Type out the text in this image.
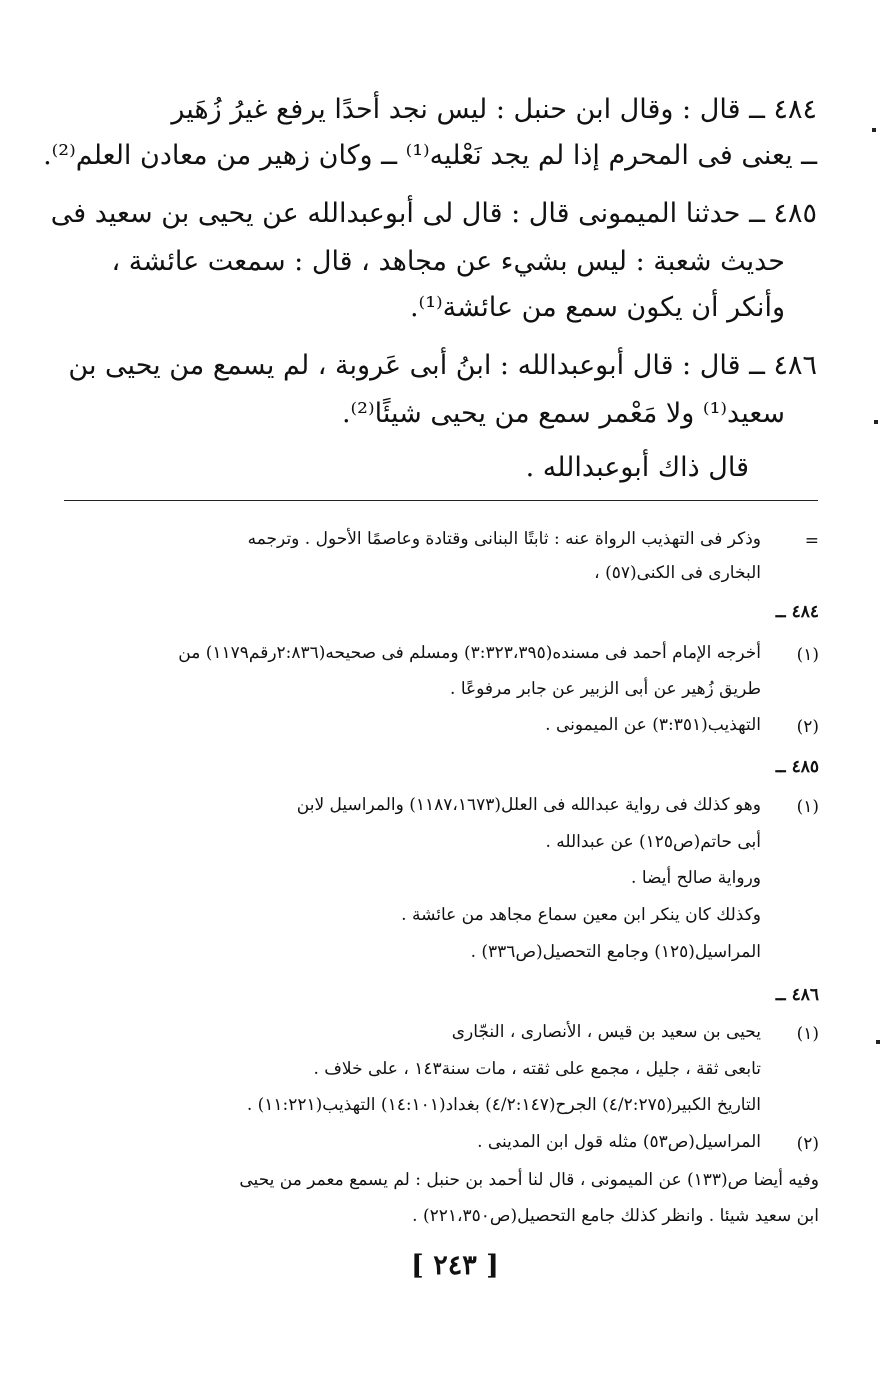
٤٨٤ ــ قال : وقال ابن حنبل : ليس نجد أحدًا يرفع غيرُ زُهَير
ــ يعنى فى المحرم إذا لم يجد نَعْليه⁽¹⁾ ــ وكان زهير من معادن العلم⁽²⁾.
٤٨٥ ــ حدثنا الميمونى قال : قال لى أبوعبدالله عن يحيى بن سعيد فى
حديث شعبة : ليس بشيء عن مجاهد ، قال : سمعت عائشة ،
وأنكر أن يكون سمع من عائشة⁽¹⁾.
٤٨٦ ــ قال : قال أبوعبدالله : ابنُ أبى عَروبة ، لم يسمع من يحيى بن
سعيد⁽¹⁾ ولا مَعْمر سمع من يحيى شيئًا⁽²⁾.
قال ذاك أبوعبدالله .
=
وذكر فى التهذيب الرواة عنه : ثابتًا البنانى وقتادة وعاصمًا الأحول . وترجمه
البخارى فى الكنى(٥٧) ،
٤٨٤ ــ
(١)
أخرجه الإمام أحمد فى مسنده(٣:٣٢٣،٣٩٥) ومسلم فى صحيحه(٢:٨٣٦رقم١١٧٩) من
طريق زُهير عن أبى الزبير عن جابر مرفوعًا .
(٢)
التهذيب(٣:٣٥١) عن الميمونى .
٤٨٥ ــ
(١)
وهو كذلك فى رواية عبدالله فى العلل(١١٨٧،١٦٧٣) والمراسيل لابن
أبى حاتم(ص١٢٥) عن عبدالله .
ورواية صالح أيضا .
وكذلك كان ينكر ابن معين سماع مجاهد من عائشة .
المراسيل(١٢٥) وجامع التحصيل(ص٣٣٦) .
٤٨٦ ــ
(١)
يحيى بن سعيد بن قيس ، الأنصارى ، النجّارى
تابعى ثقة ، جليل ، مجمع على ثقته ، مات سنة١٤٣ ، على خلاف .
التاريخ الكبير(٤/٢:٢٧٥) الجرح(٤/٢:١٤٧) بغداد(١٤:١٠١) التهذيب(١١:٢٢١) .
(٢)
المراسيل(ص٥٣) مثله قول ابن المدينى .
وفيه أيضا ص(١٣٣) عن الميمونى ، قال لنا أحمد بن حنبل : لم يسمع معمر من يحيى
ابن سعيد شيئا . وانظر كذلك جامع التحصيل(ص٢٢١،٣٥٠) .
[ ٢٤٣ ]
